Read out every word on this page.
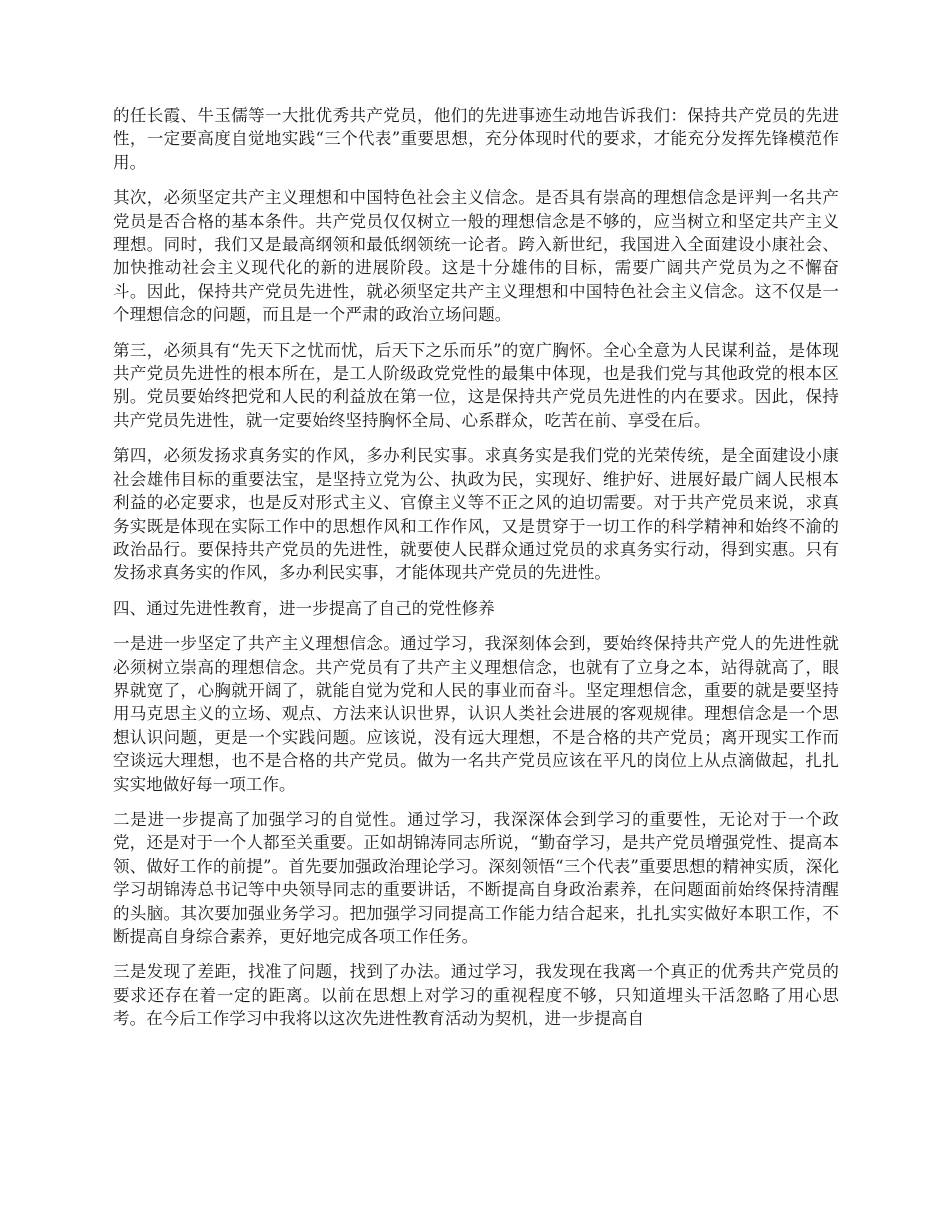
的任长霞、牛玉儒等一大批优秀共产党员，他们的先进事迹生动地告诉我们：保持共产党员的先进性，一定要高度自觉地实践“三个代表”重要思想，充分体现时代的要求，才能充分发挥先锋模范作用。

其次，必须坚定共产主义理想和中国特色社会主义信念。是否具有崇高的理想信念是评判一名共产党员是否合格的基本条件。共产党员仅仅树立一般的理想信念是不够的，应当树立和坚定共产主义理想。同时，我们又是最高纲领和最低纲领统一论者。跨入新世纪，我国进入全面建设小康社会、加快推动社会主义现代化的新的进展阶段。这是十分雄伟的目标，需要广阔共产党员为之不懈奋斗。因此，保持共产党员先进性，就必须坚定共产主义理想和中国特色社会主义信念。这不仅是一个理想信念的问题，而且是一个严肃的政治立场问题。

第三，必须具有“先天下之忧而忧，后天下之乐而乐”的宽广胸怀。全心全意为人民谋利益，是体现共产党员先进性的根本所在，是工人阶级政党党性的最集中体现，也是我们党与其他政党的根本区别。党员要始终把党和人民的利益放在第一位，这是保持共产党员先进性的内在要求。因此，保持共产党员先进性，就一定要始终坚持胸怀全局、心系群众，吃苦在前、享受在后。

第四，必须发扬求真务实的作风，多办利民实事。求真务实是我们党的光荣传统，是全面建设小康社会雄伟目标的重要法宝，是坚持立党为公、执政为民，实现好、维护好、进展好最广阔人民根本利益的必定要求，也是反对形式主义、官僚主义等不正之风的迫切需要。对于共产党员来说，求真务实既是体现在实际工作中的思想作风和工作作风，又是贯穿于一切工作的科学精神和始终不渝的政治品行。要保持共产党员的先进性，就要使人民群众通过党员的求真务实行动，得到实惠。只有发扬求真务实的作风，多办利民实事，才能体现共产党员的先进性。

四、通过先进性教育，进一步提高了自己的党性修养

一是进一步坚定了共产主义理想信念。通过学习，我深刻体会到，要始终保持共产党人的先进性就必须树立崇高的理想信念。共产党员有了共产主义理想信念，也就有了立身之本，站得就高了，眼界就宽了，心胸就开阔了，就能自觉为党和人民的事业而奋斗。坚定理想信念，重要的就是要坚持用马克思主义的立场、观点、方法来认识世界，认识人类社会进展的客观规律。理想信念是一个思想认识问题，更是一个实践问题。应该说，没有远大理想，不是合格的共产党员；离开现实工作而空谈远大理想，也不是合格的共产党员。做为一名共产党员应该在平凡的岗位上从点滴做起，扎扎实实地做好每一项工作。

二是进一步提高了加强学习的自觉性。通过学习，我深深体会到学习的重要性，无论对于一个政党，还是对于一个人都至关重要。正如胡锦涛同志所说，“勤奋学习，是共产党员增强党性、提高本领、做好工作的前提”。首先要加强政治理论学习。深刻领悟“三个代表”重要思想的精神实质，深化学习胡锦涛总书记等中央领导同志的重要讲话，不断提高自身政治素养，在问题面前始终保持清醒的头脑。其次要加强业务学习。把加强学习同提高工作能力结合起来，扎扎实实做好本职工作，不断提高自身综合素养，更好地完成各项工作任务。

三是发现了差距，找准了问题，找到了办法。通过学习，我发现在我离一个真正的优秀共产党员的要求还存在着一定的距离。以前在思想上对学习的重视程度不够，只知道埋头干活忽略了用心思考。在今后工作学习中我将以这次先进性教育活动为契机，进一步提高自
